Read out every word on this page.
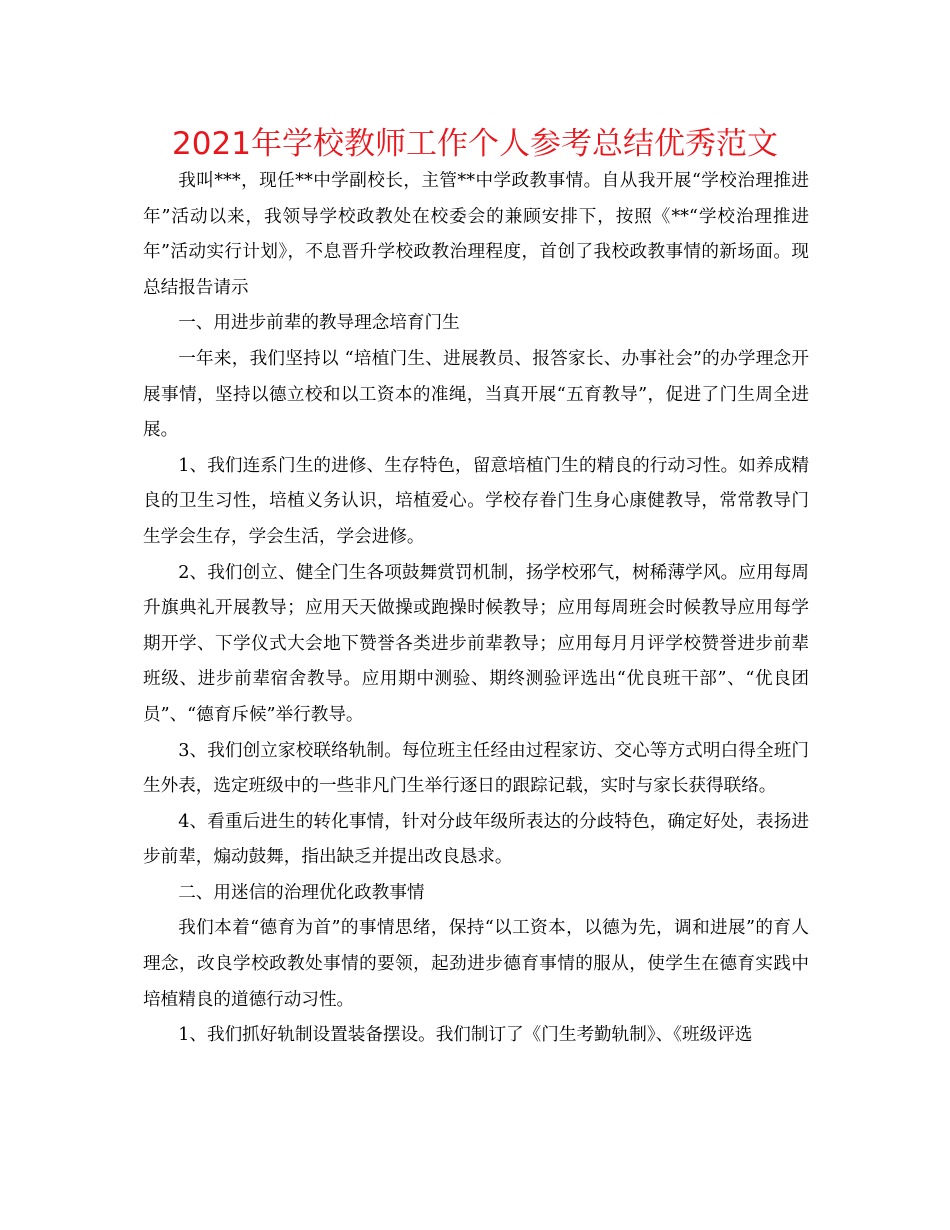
2021年学校教师工作个人参考总结优秀范文

我叫***，现任**中学副校长，主管**中学政教事情。自从我开展“学校治理推进年”活动以来，我领导学校政教处在校委会的兼顾安排下，按照《**“学校治理推进年”活动实行计划》，不息晋升学校政教治理程度，首创了我校政教事情的新场面。现总结报告请示

一、用进步前辈的教导理念培育门生

一年来，我们坚持以 “培植门生、进展教员、报答家长、办事社会”的办学理念开展事情，坚持以德立校和以工资本的准绳，当真开展“五育教导”，促进了门生周全进展。

1、我们连系门生的进修、生存特色，留意培植门生的精良的行动习性。如养成精良的卫生习性，培植义务认识，培植爱心。学校存眷门生身心康健教导，常常教导门生学会生存，学会生活，学会进修。

2、我们创立、健全门生各项鼓舞赏罚机制，扬学校邪气，树稀薄学风。应用每周升旗典礼开展教导；应用天天做操或跑操时候教导；应用每周班会时候教导应用每学期开学、下学仪式大会地下赞誉各类进步前辈教导；应用每月月评学校赞誉进步前辈班级、进步前辈宿舍教导。应用期中测验、期终测验评选出“优良班干部”、“优良团员”、“德育斥候”举行教导。

3、我们创立家校联络轨制。每位班主任经由过程家访、交心等方式明白得全班门生外表，选定班级中的一些非凡门生举行逐日的跟踪记载，实时与家长获得联络。

4、看重后进生的转化事情，针对分歧年级所表达的分歧特色，确定好处，表扬进步前辈，煽动鼓舞，指出缺乏并提出改良恳求。

二、用迷信的治理优化政教事情

我们本着“德育为首”的事情思绪，保持“以工资本，以德为先，调和进展”的育人理念，改良学校政教处事情的要领，起劲进步德育事情的服从，使学生在德育实践中培植精良的道德行动习性。

1、我们抓好轨制设置装备摆设。我们制订了《门生考勤轨制》、《班级评选
